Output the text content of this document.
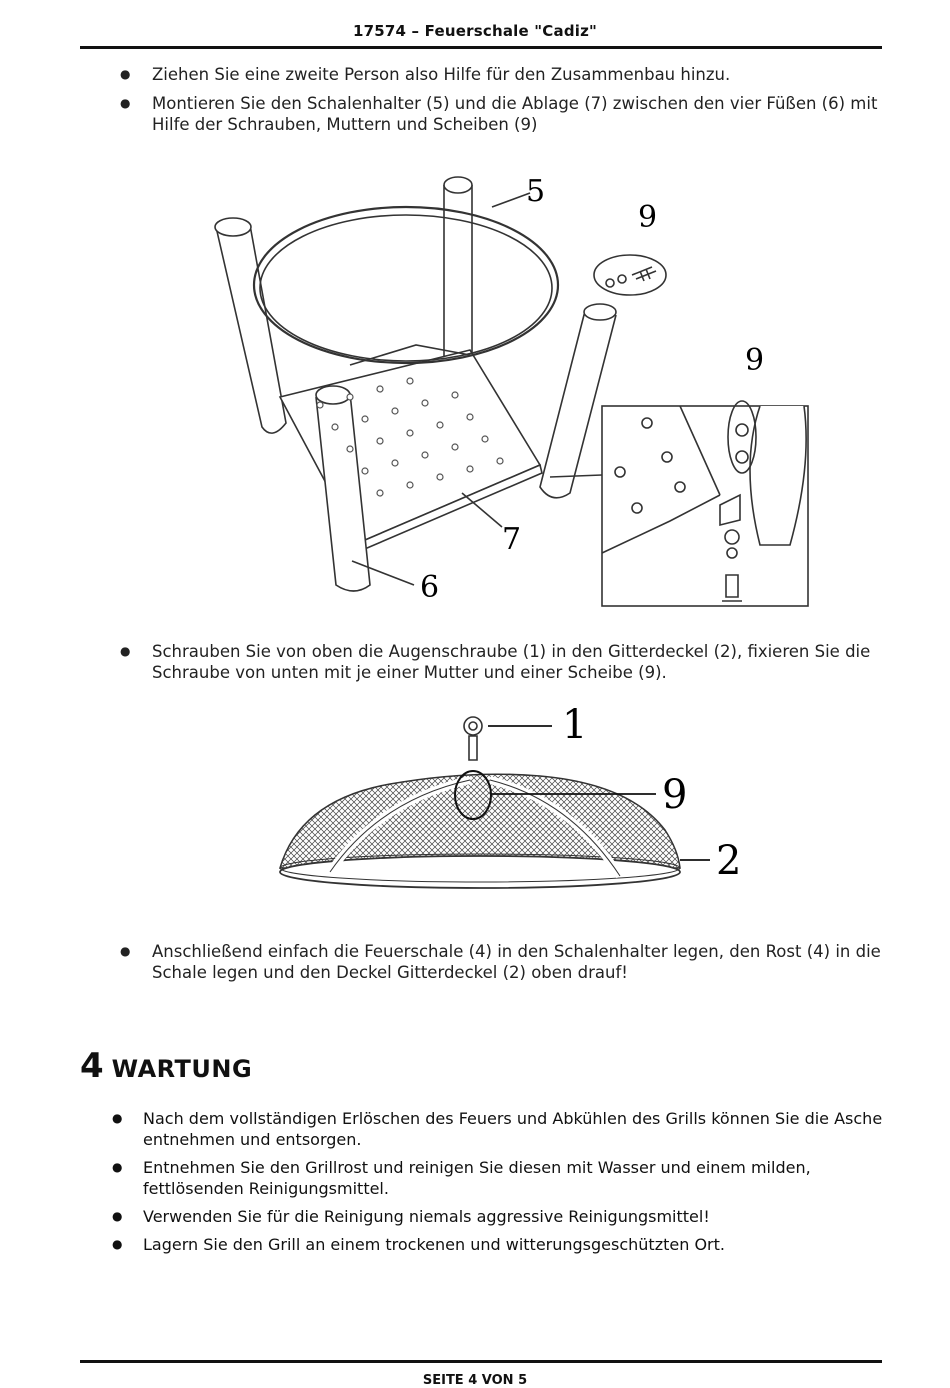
17574 – Feuerschale "Cadiz"
● Ziehen Sie eine zweite Person also Hilfe für den Zusammenbau hinzu.
● Montieren Sie den Schalenhalter (5) und die Ablage (7) zwischen den vier Füßen (6) mit Hilfe der Schrauben, Muttern und Scheiben (9)
5
9
9
7
6
● Schrauben Sie von oben die Augenschraube (1) in den Gitterdeckel (2), fixieren Sie die Schraube von unten mit je einer Mutter und einer Scheibe (9).
1
9
2
● Anschließend einfach die Feuerschale (4) in den Schalenhalter legen, den Rost (4) in die Schale legen und den Deckel Gitterdeckel (2) oben drauf!
4 WARTUNG
● Nach dem vollständigen Erlöschen des Feuers und Abkühlen des Grills können Sie die Asche entnehmen und entsorgen.
● Entnehmen Sie den Grillrost und reinigen Sie diesen mit Wasser und einem milden, fettlösenden Reinigungsmittel.
● Verwenden Sie für die Reinigung niemals aggressive Reinigungsmittel!
● Lagern Sie den Grill an einem trockenen und witterungsgeschützten Ort.
SEITE 4 VON 5
